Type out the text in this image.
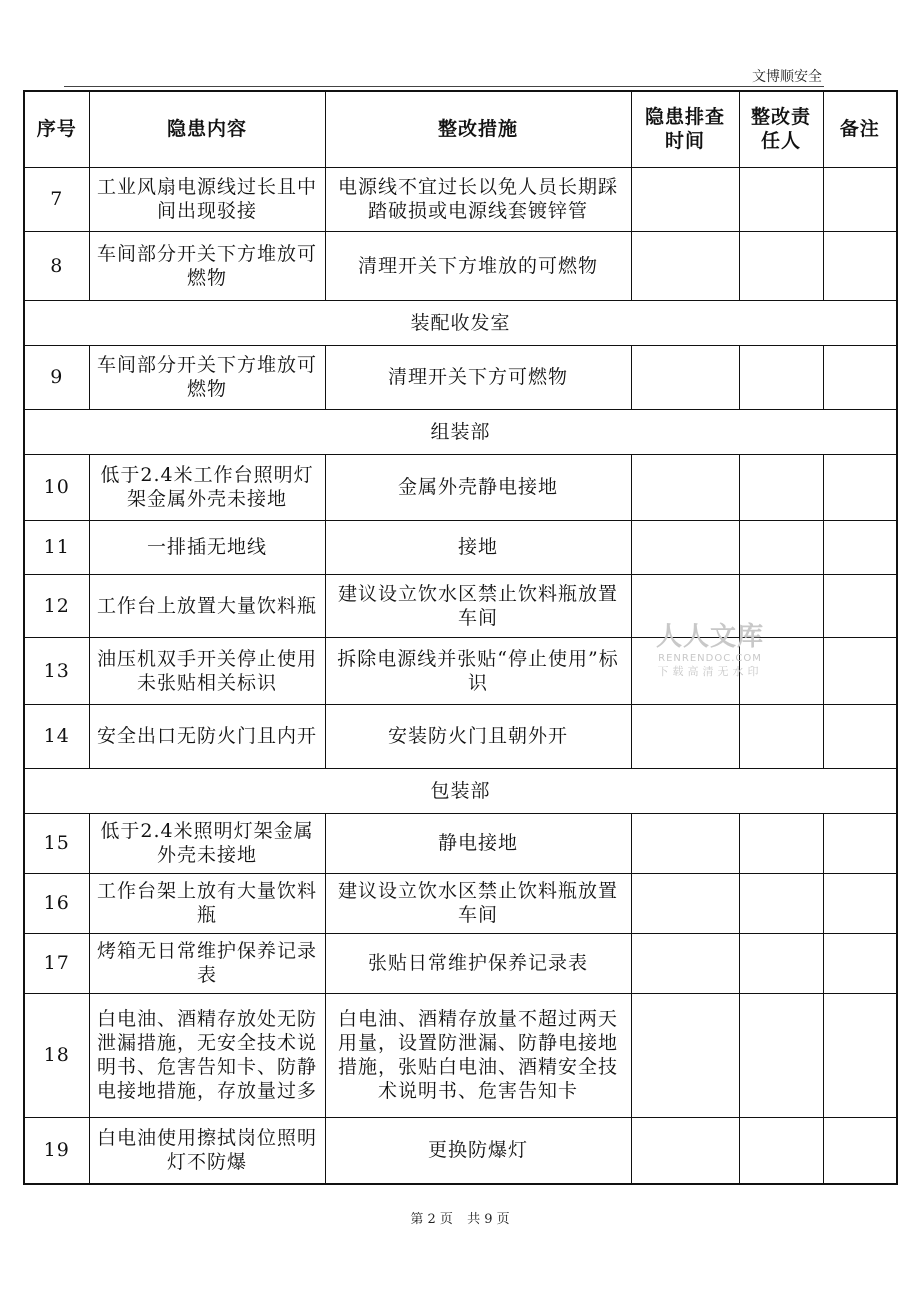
文博顺安全
序号	隐患内容	整改措施	隐患排查时间	整改责任人	备注
7	工业风扇电源线过长且中间出现驳接	电源线不宜过长以免人员长期踩踏破损或电源线套镀锌管			
8	车间部分开关下方堆放可燃物	清理开关下方堆放的可燃物			
装配收发室					
9	车间部分开关下方堆放可燃物	清理开关下方可燃物			
组装部					
10	低于2.4米工作台照明灯架金属外壳未接地	金属外壳静电接地			
11	一排插无地线	接地			
12	工作台上放置大量饮料瓶	建议设立饮水区禁止饮料瓶放置车间			
13	油压机双手开关停止使用未张贴相关标识	拆除电源线并张贴“停止使用”标识			
14	安全出口无防火门且内开	安装防火门且朝外开			
包装部					
15	低于2.4米照明灯架金属外壳未接地	静电接地			
16	工作台架上放有大量饮料瓶	建议设立饮水区禁止饮料瓶放置车间			
17	烤箱无日常维护保养记录表	张贴日常维护保养记录表			
18	白电油、酒精存放处无防泄漏措施，无安全技术说明书、危害告知卡、防静电接地措施，存放量过多	白电油、酒精存放量不超过两天用量，设置防泄漏、防静电接地措施，张贴白电油、酒精安全技术说明书、危害告知卡			
19	白电油使用擦拭岗位照明灯不防爆	更换防爆灯			
人人文库
RENRENDOC.COM
下载高清无水印
第 2 页 共 9 页
